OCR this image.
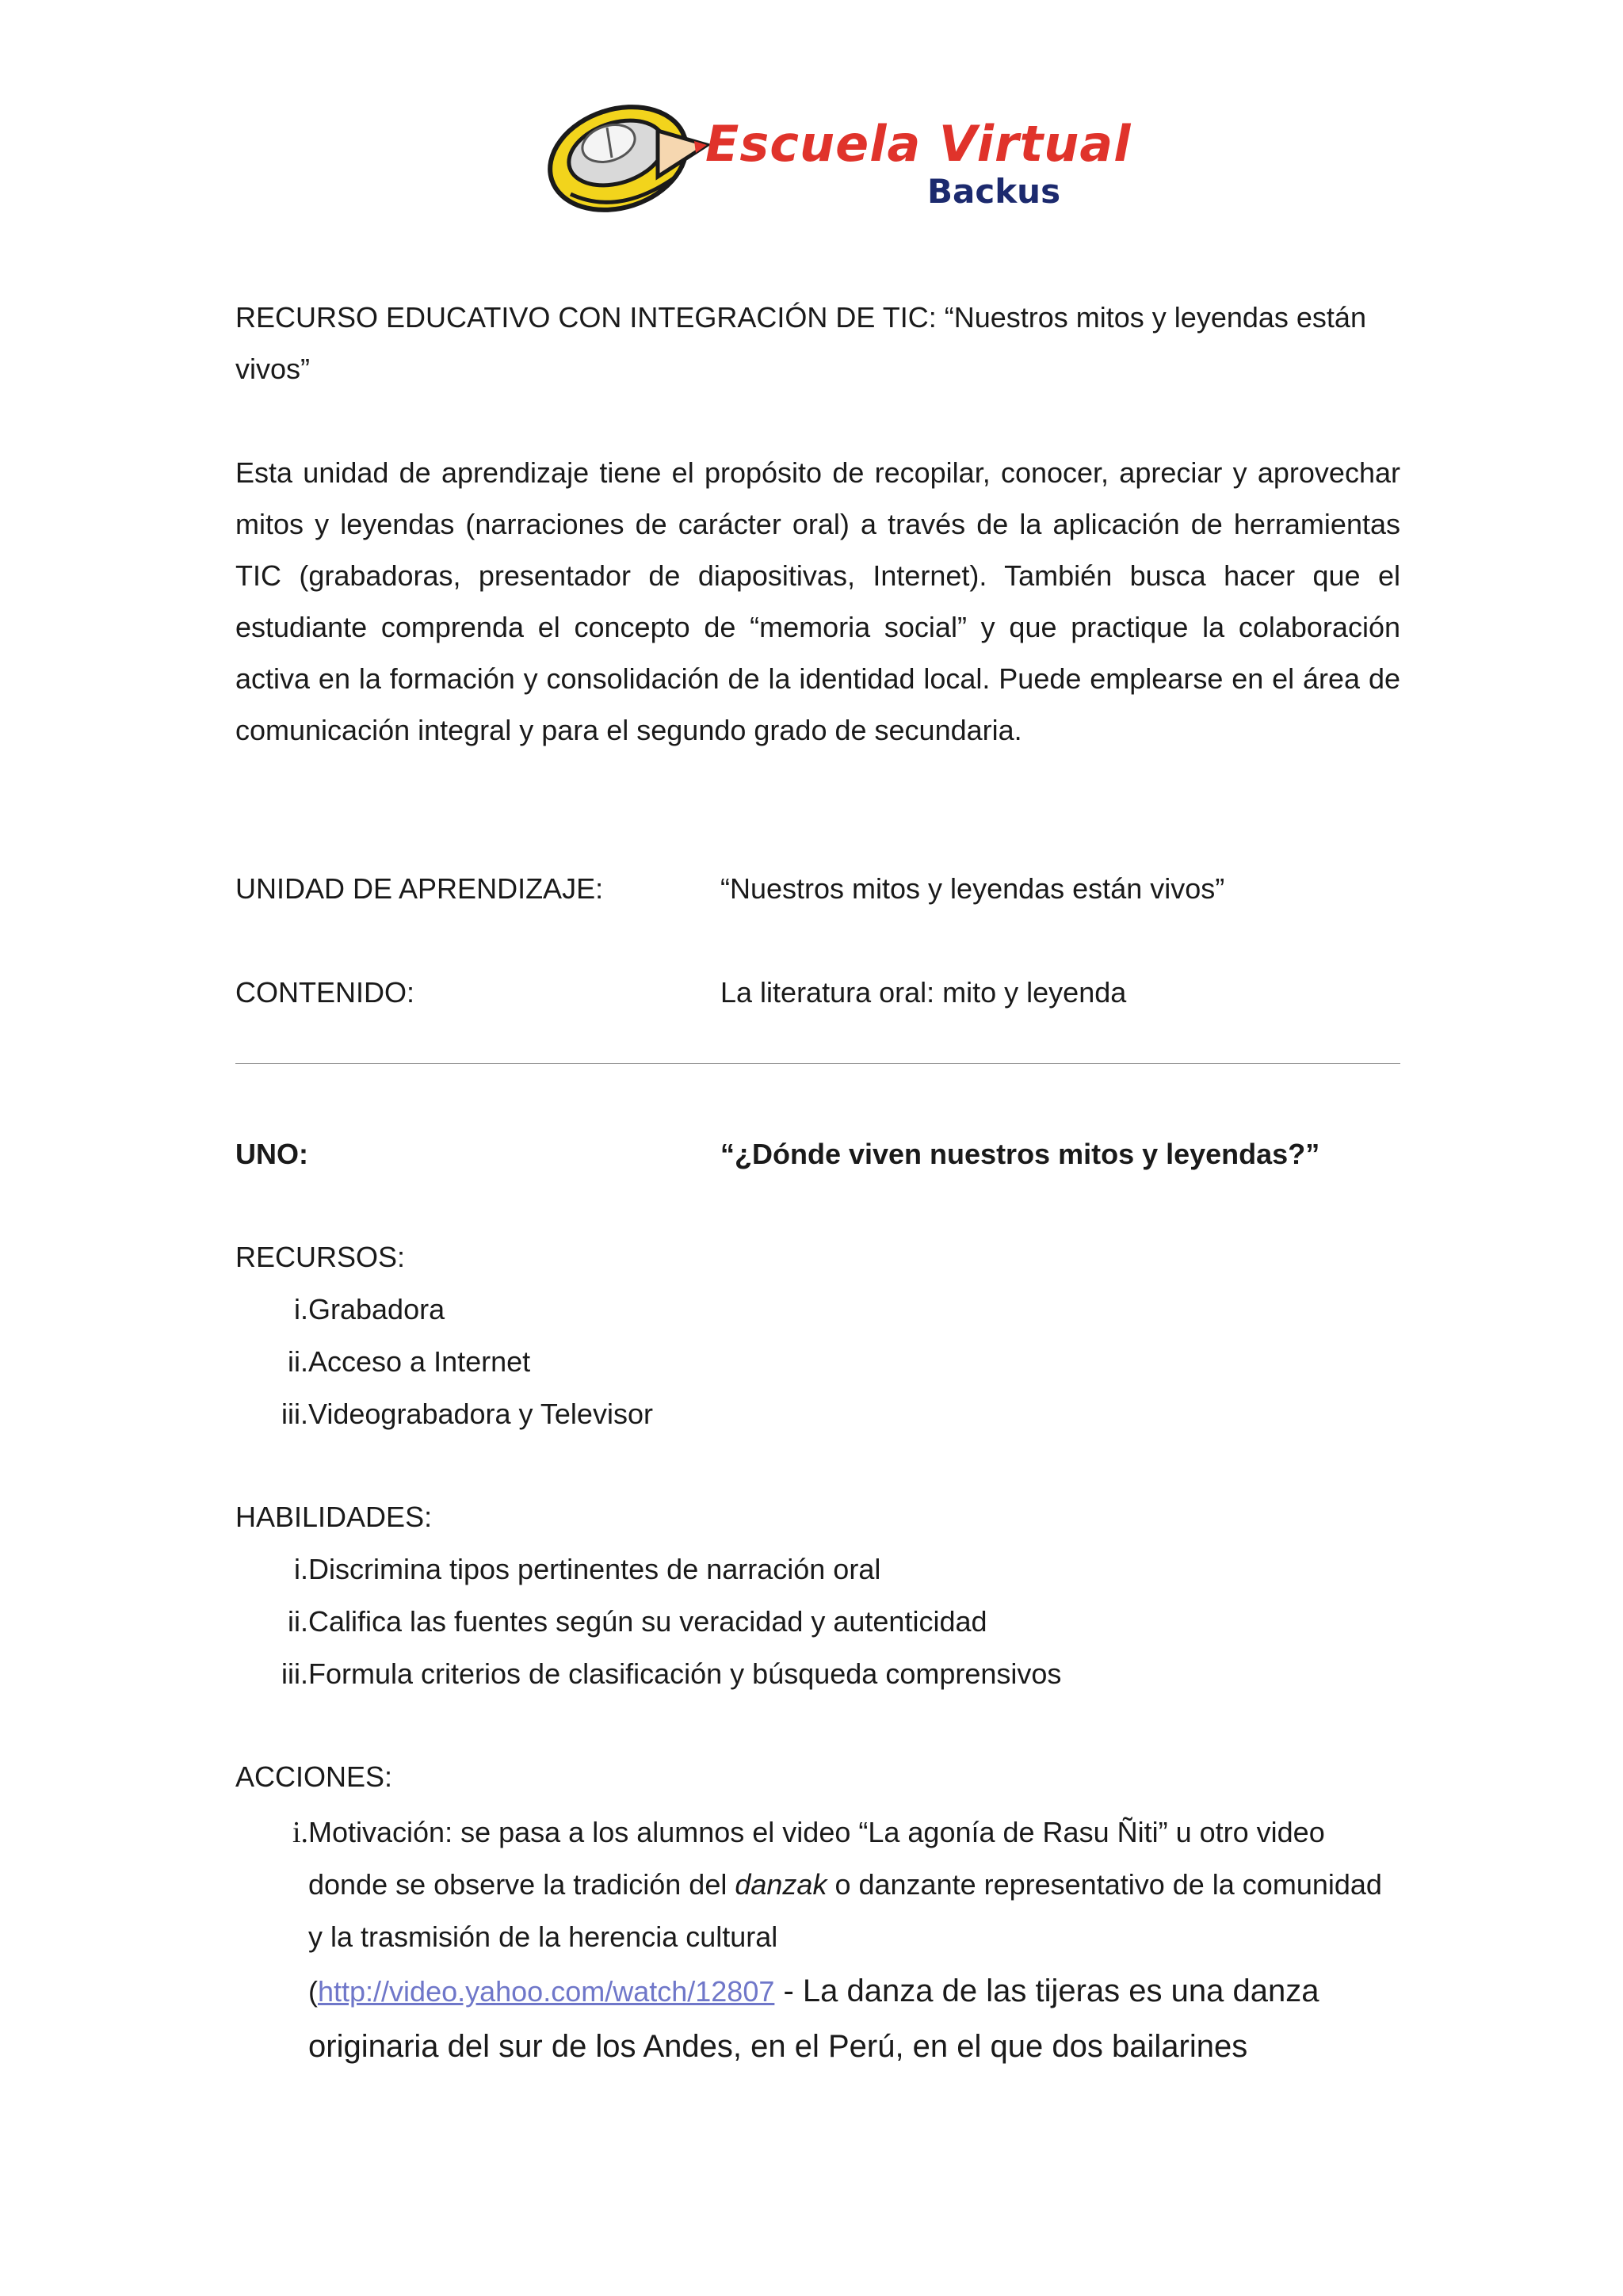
Escuela Virtual
Backus
RECURSO EDUCATIVO CON INTEGRACIÓN DE TIC: “Nuestros mitos y leyendas están vivos”
Esta unidad de aprendizaje tiene el propósito de recopilar, conocer, apreciar y aprovechar mitos y leyendas (narraciones de carácter oral) a través de la aplicación de herramientas TIC (grabadoras, presentador de diapositivas, Internet). También busca hacer que el estudiante comprenda el concepto de “memoria social” y que practique la colaboración activa en la formación y consolidación de la identidad local. Puede emplearse en el área de comunicación integral y para el segundo grado de secundaria.
UNIDAD DE APRENDIZAJE:	“Nuestros mitos y leyendas están vivos”
CONTENIDO:	La literatura oral: mito y leyenda
UNO:	“¿Dónde viven nuestros mitos y leyendas?”
RECURSOS:
i. Grabadora
ii. Acceso a Internet
iii. Videograbadora y Televisor
HABILIDADES:
i. Discrimina tipos pertinentes de narración oral
ii. Califica las fuentes según su veracidad y autenticidad
iii. Formula criterios de clasificación y búsqueda comprensivos
ACCIONES:
i. Motivación: se pasa a los alumnos el video “La agonía de Rasu Ñiti” u otro video donde se observe la tradición del danzak o danzante representativo de la comunidad y la trasmisión de la herencia cultural
(http://video.yahoo.com/watch/12807 - La danza de las tijeras es una danza originaria del sur de los Andes, en el Perú, en el que dos bailarines
